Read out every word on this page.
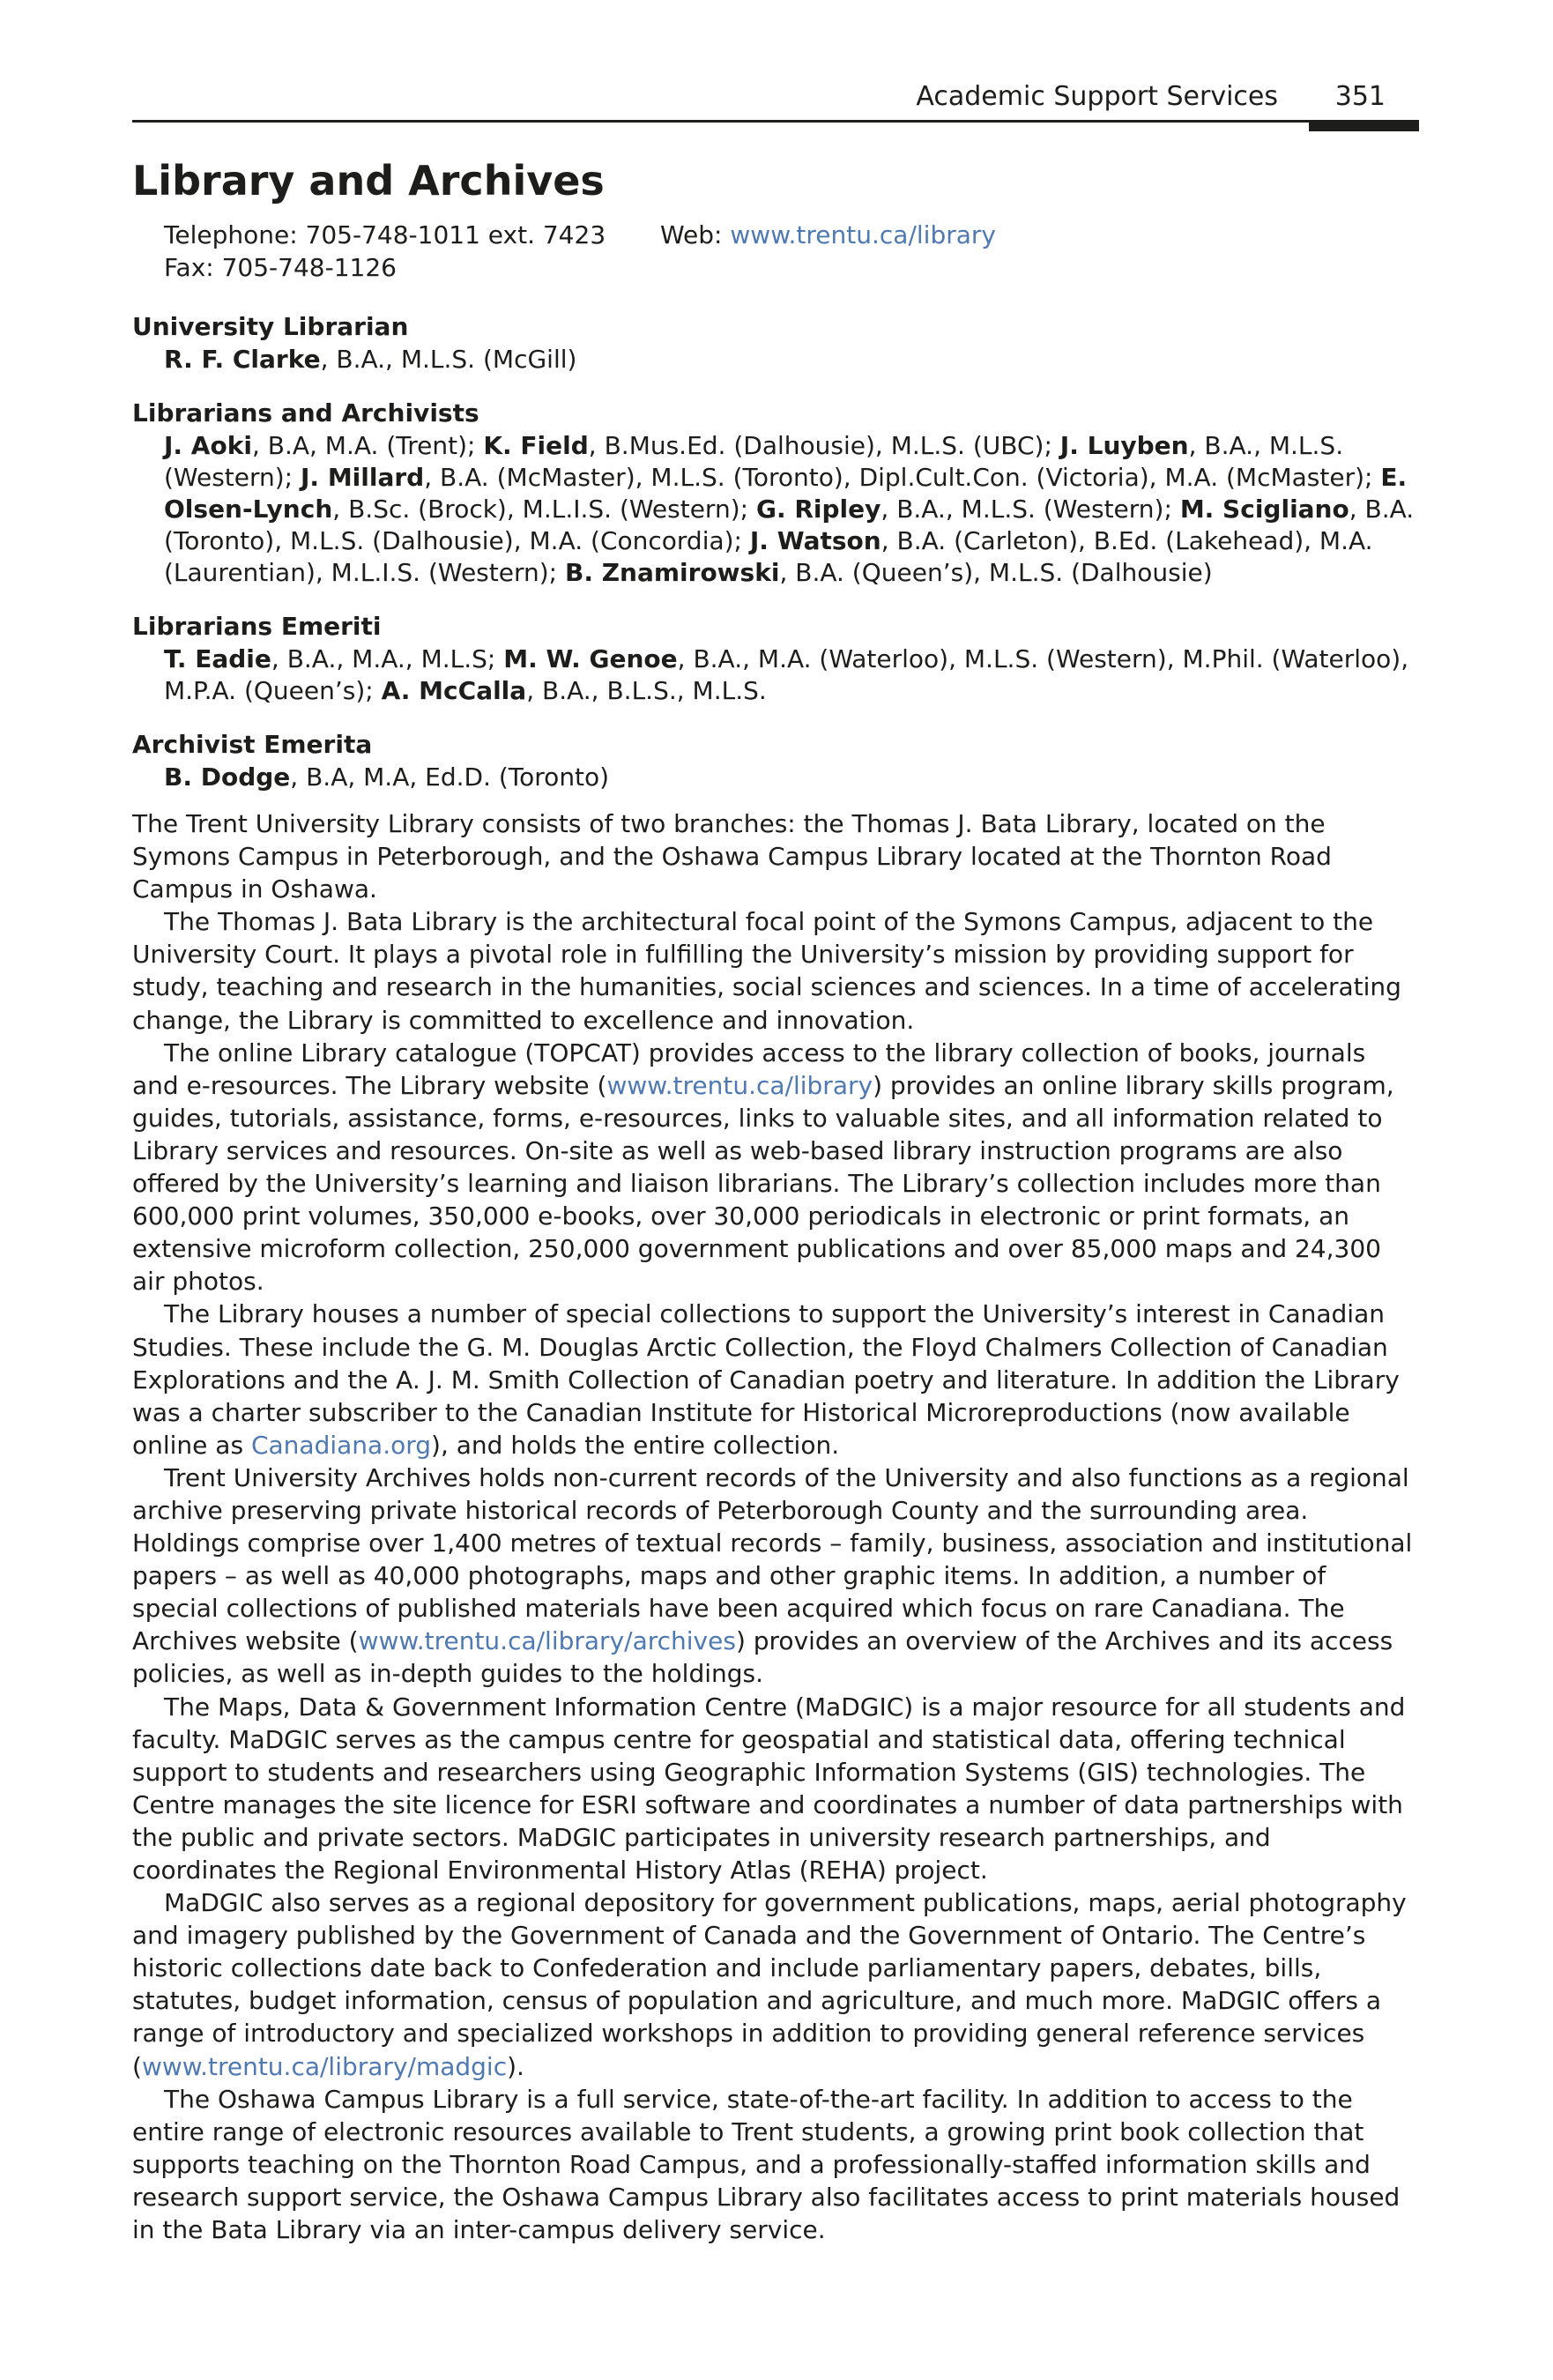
Academic Support Services 351
Library and Archives
Telephone: 705-748-1011 ext. 7423
Fax: 705-748-1126
Web: www.trentu.ca/library
University Librarian
R. F. Clarke, B.A., M.L.S. (McGill)
Librarians and Archivists
J. Aoki, B.A, M.A. (Trent); K. Field, B.Mus.Ed. (Dalhousie), M.L.S. (UBC); J. Luyben, B.A., M.L.S. (Western); J. Millard, B.A. (McMaster), M.L.S. (Toronto), Dipl.Cult.Con. (Victoria), M.A. (McMaster); E. Olsen-Lynch, B.Sc. (Brock), M.L.I.S. (Western); G. Ripley, B.A., M.L.S. (Western); M. Scigliano, B.A. (Toronto), M.L.S. (Dalhousie), M.A. (Concordia); J. Watson, B.A. (Carleton), B.Ed. (Lakehead), M.A. (Laurentian), M.L.I.S. (Western); B. Znamirowski, B.A. (Queen’s), M.L.S. (Dalhousie)
Librarians Emeriti
T. Eadie, B.A., M.A., M.L.S; M. W. Genoe, B.A., M.A. (Waterloo), M.L.S. (Western), M.Phil. (Waterloo), M.P.A. (Queen’s); A. McCalla, B.A., B.L.S., M.L.S.
Archivist Emerita
B. Dodge, B.A, M.A, Ed.D. (Toronto)

The Trent University Library consists of two branches: the Thomas J. Bata Library, located on the Symons Campus in Peterborough, and the Oshawa Campus Library located at the Thornton Road Campus in Oshawa.

The Thomas J. Bata Library is the architectural focal point of the Symons Campus, adjacent to the University Court. It plays a pivotal role in fulfilling the University’s mission by providing support for study, teaching and research in the humanities, social sciences and sciences. In a time of accelerating change, the Library is committed to excellence and innovation.

The online Library catalogue (TOPCAT) provides access to the library collection of books, journals and e-resources. The Library website (www.trentu.ca/library) provides an online library skills program, guides, tutorials, assistance, forms, e-resources, links to valuable sites, and all information related to Library services and resources. On-site as well as web-based library instruction programs are also offered by the University’s learning and liaison librarians. The Library’s collection includes more than 600,000 print volumes, 350,000 e-books, over 30,000 periodicals in electronic or print formats, an extensive microform collection, 250,000 government publications and over 85,000 maps and 24,300 air photos.

The Library houses a number of special collections to support the University’s interest in Canadian Studies. These include the G. M. Douglas Arctic Collection, the Floyd Chalmers Collection of Canadian Explorations and the A. J. M. Smith Collection of Canadian poetry and literature. In addition the Library was a charter subscriber to the Canadian Institute for Historical Microreproductions (now available online as Canadiana.org), and holds the entire collection.

Trent University Archives holds non-current records of the University and also functions as a regional archive preserving private historical records of Peterborough County and the surrounding area. Holdings comprise over 1,400 metres of textual records – family, business, association and institutional papers – as well as 40,000 photographs, maps and other graphic items. In addition, a number of special collections of published materials have been acquired which focus on rare Canadiana. The Archives website (www.trentu.ca/library/archives) provides an overview of the Archives and its access policies, as well as in-depth guides to the holdings.

The Maps, Data & Government Information Centre (MaDGIC) is a major resource for all students and faculty. MaDGIC serves as the campus centre for geospatial and statistical data, offering technical support to students and researchers using Geographic Information Systems (GIS) technologies. The Centre manages the site licence for ESRI software and coordinates a number of data partnerships with the public and private sectors. MaDGIC participates in university research partnerships, and coordinates the Regional Environmental History Atlas (REHA) project.

MaDGIC also serves as a regional depository for government publications, maps, aerial photography and imagery published by the Government of Canada and the Government of Ontario. The Centre’s historic collections date back to Confederation and include parliamentary papers, debates, bills, statutes, budget information, census of population and agriculture, and much more. MaDGIC offers a range of introductory and specialized workshops in addition to providing general reference services (www.trentu.ca/library/madgic).

The Oshawa Campus Library is a full service, state-of-the-art facility. In addition to access to the entire range of electronic resources available to Trent students, a growing print book collection that supports teaching on the Thornton Road Campus, and a professionally-staffed information skills and research support service, the Oshawa Campus Library also facilitates access to print materials housed in the Bata Library via an inter-campus delivery service.
